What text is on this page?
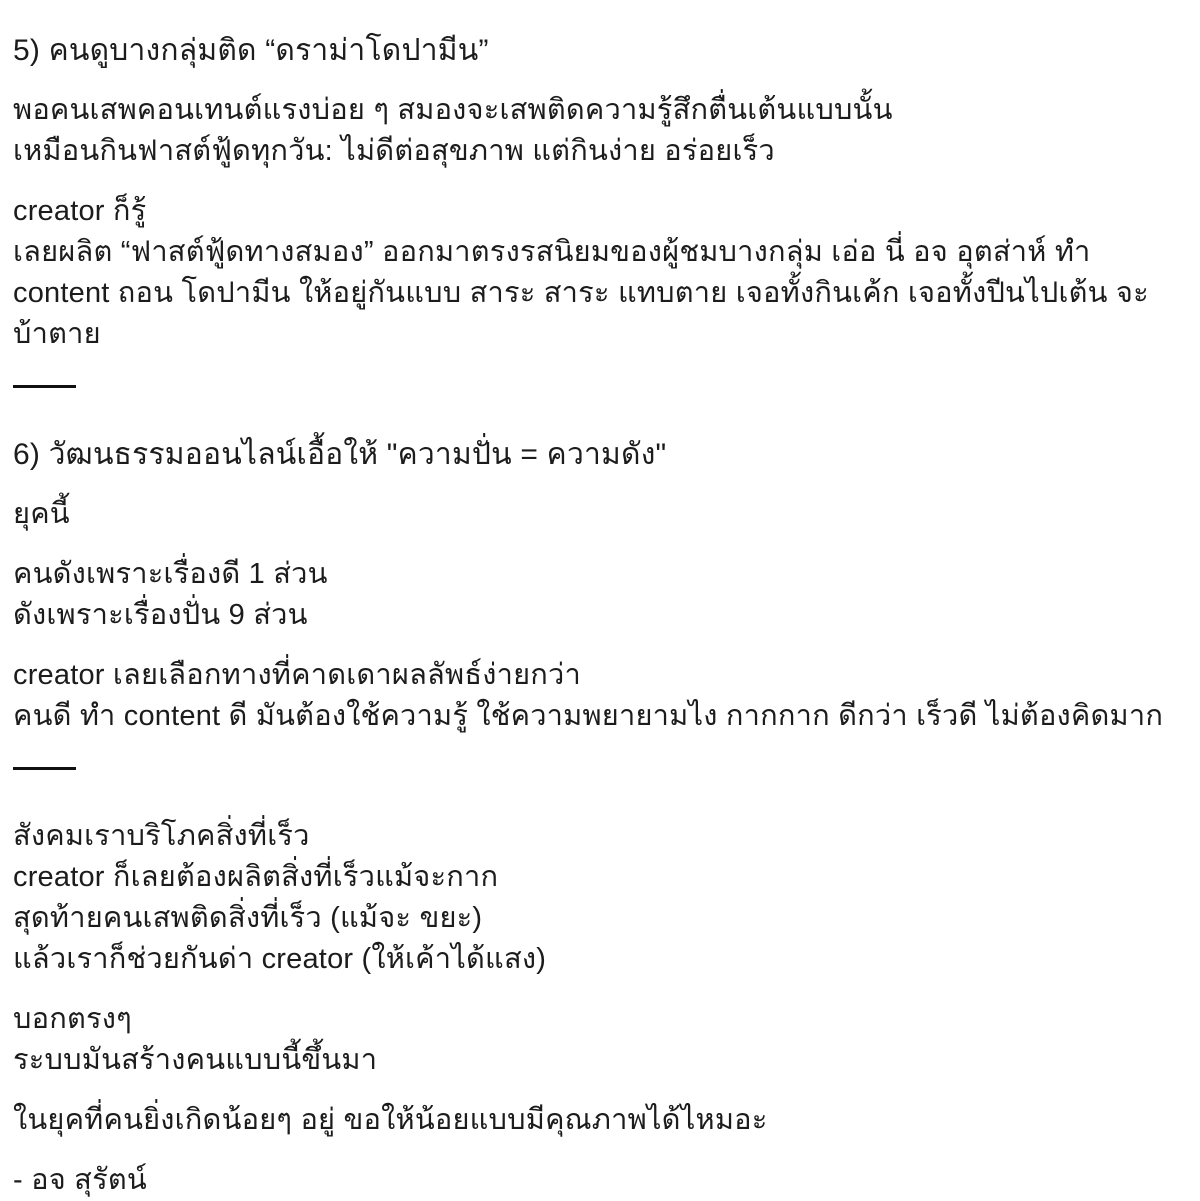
5) คนดูบางกลุ่มติด “ดราม่าโดปามีน”
พอคนเสพคอนเทนต์แรงบ่อย ๆ สมองจะเสพติดความรู้สึกตื่นเต้นแบบนั้น
เหมือนกินฟาสต์ฟู้ดทุกวัน: ไม่ดีต่อสุขภาพ แต่กินง่าย อร่อยเร็ว
creator ก็รู้
เลยผลิต “ฟาสต์ฟู้ดทางสมอง” ออกมาตรงรสนิยมของผู้ชมบางกลุ่ม เอ่อ นี่ อจ อุตส่าห์ ทำ
content ถอน โดปามีน ให้อยู่กันแบบ สาระ สาระ แทบตาย เจอทั้งกินเค้ก เจอทั้งปีนไปเต้น จะ
บ้าตาย
6) วัฒนธรรมออนไลน์เอื้อให้ "ความปั่น = ความดัง"
ยุคนี้
คนดังเพราะเรื่องดี 1 ส่วน
ดังเพราะเรื่องปั่น 9 ส่วน
creator เลยเลือกทางที่คาดเดาผลลัพธ์ง่ายกว่า
คนดี ทำ content ดี มันต้องใช้ความรู้ ใช้ความพยายามไง กากกาก ดีกว่า เร็วดี ไม่ต้องคิดมาก
สังคมเราบริโภคสิ่งที่เร็ว
creator ก็เลยต้องผลิตสิ่งที่เร็วแม้จะกาก
สุดท้ายคนเสพติดสิ่งที่เร็ว (แม้จะ ขยะ)
แล้วเราก็ช่วยกันด่า creator (ให้เค้าได้แสง)
บอกตรงๆ
ระบบมันสร้างคนแบบนี้ขึ้นมา
ในยุคที่คนยิ่งเกิดน้อยๆ อยู่ ขอให้น้อยแบบมีคุณภาพได้ไหมอะ
- อจ สุรัตน์
